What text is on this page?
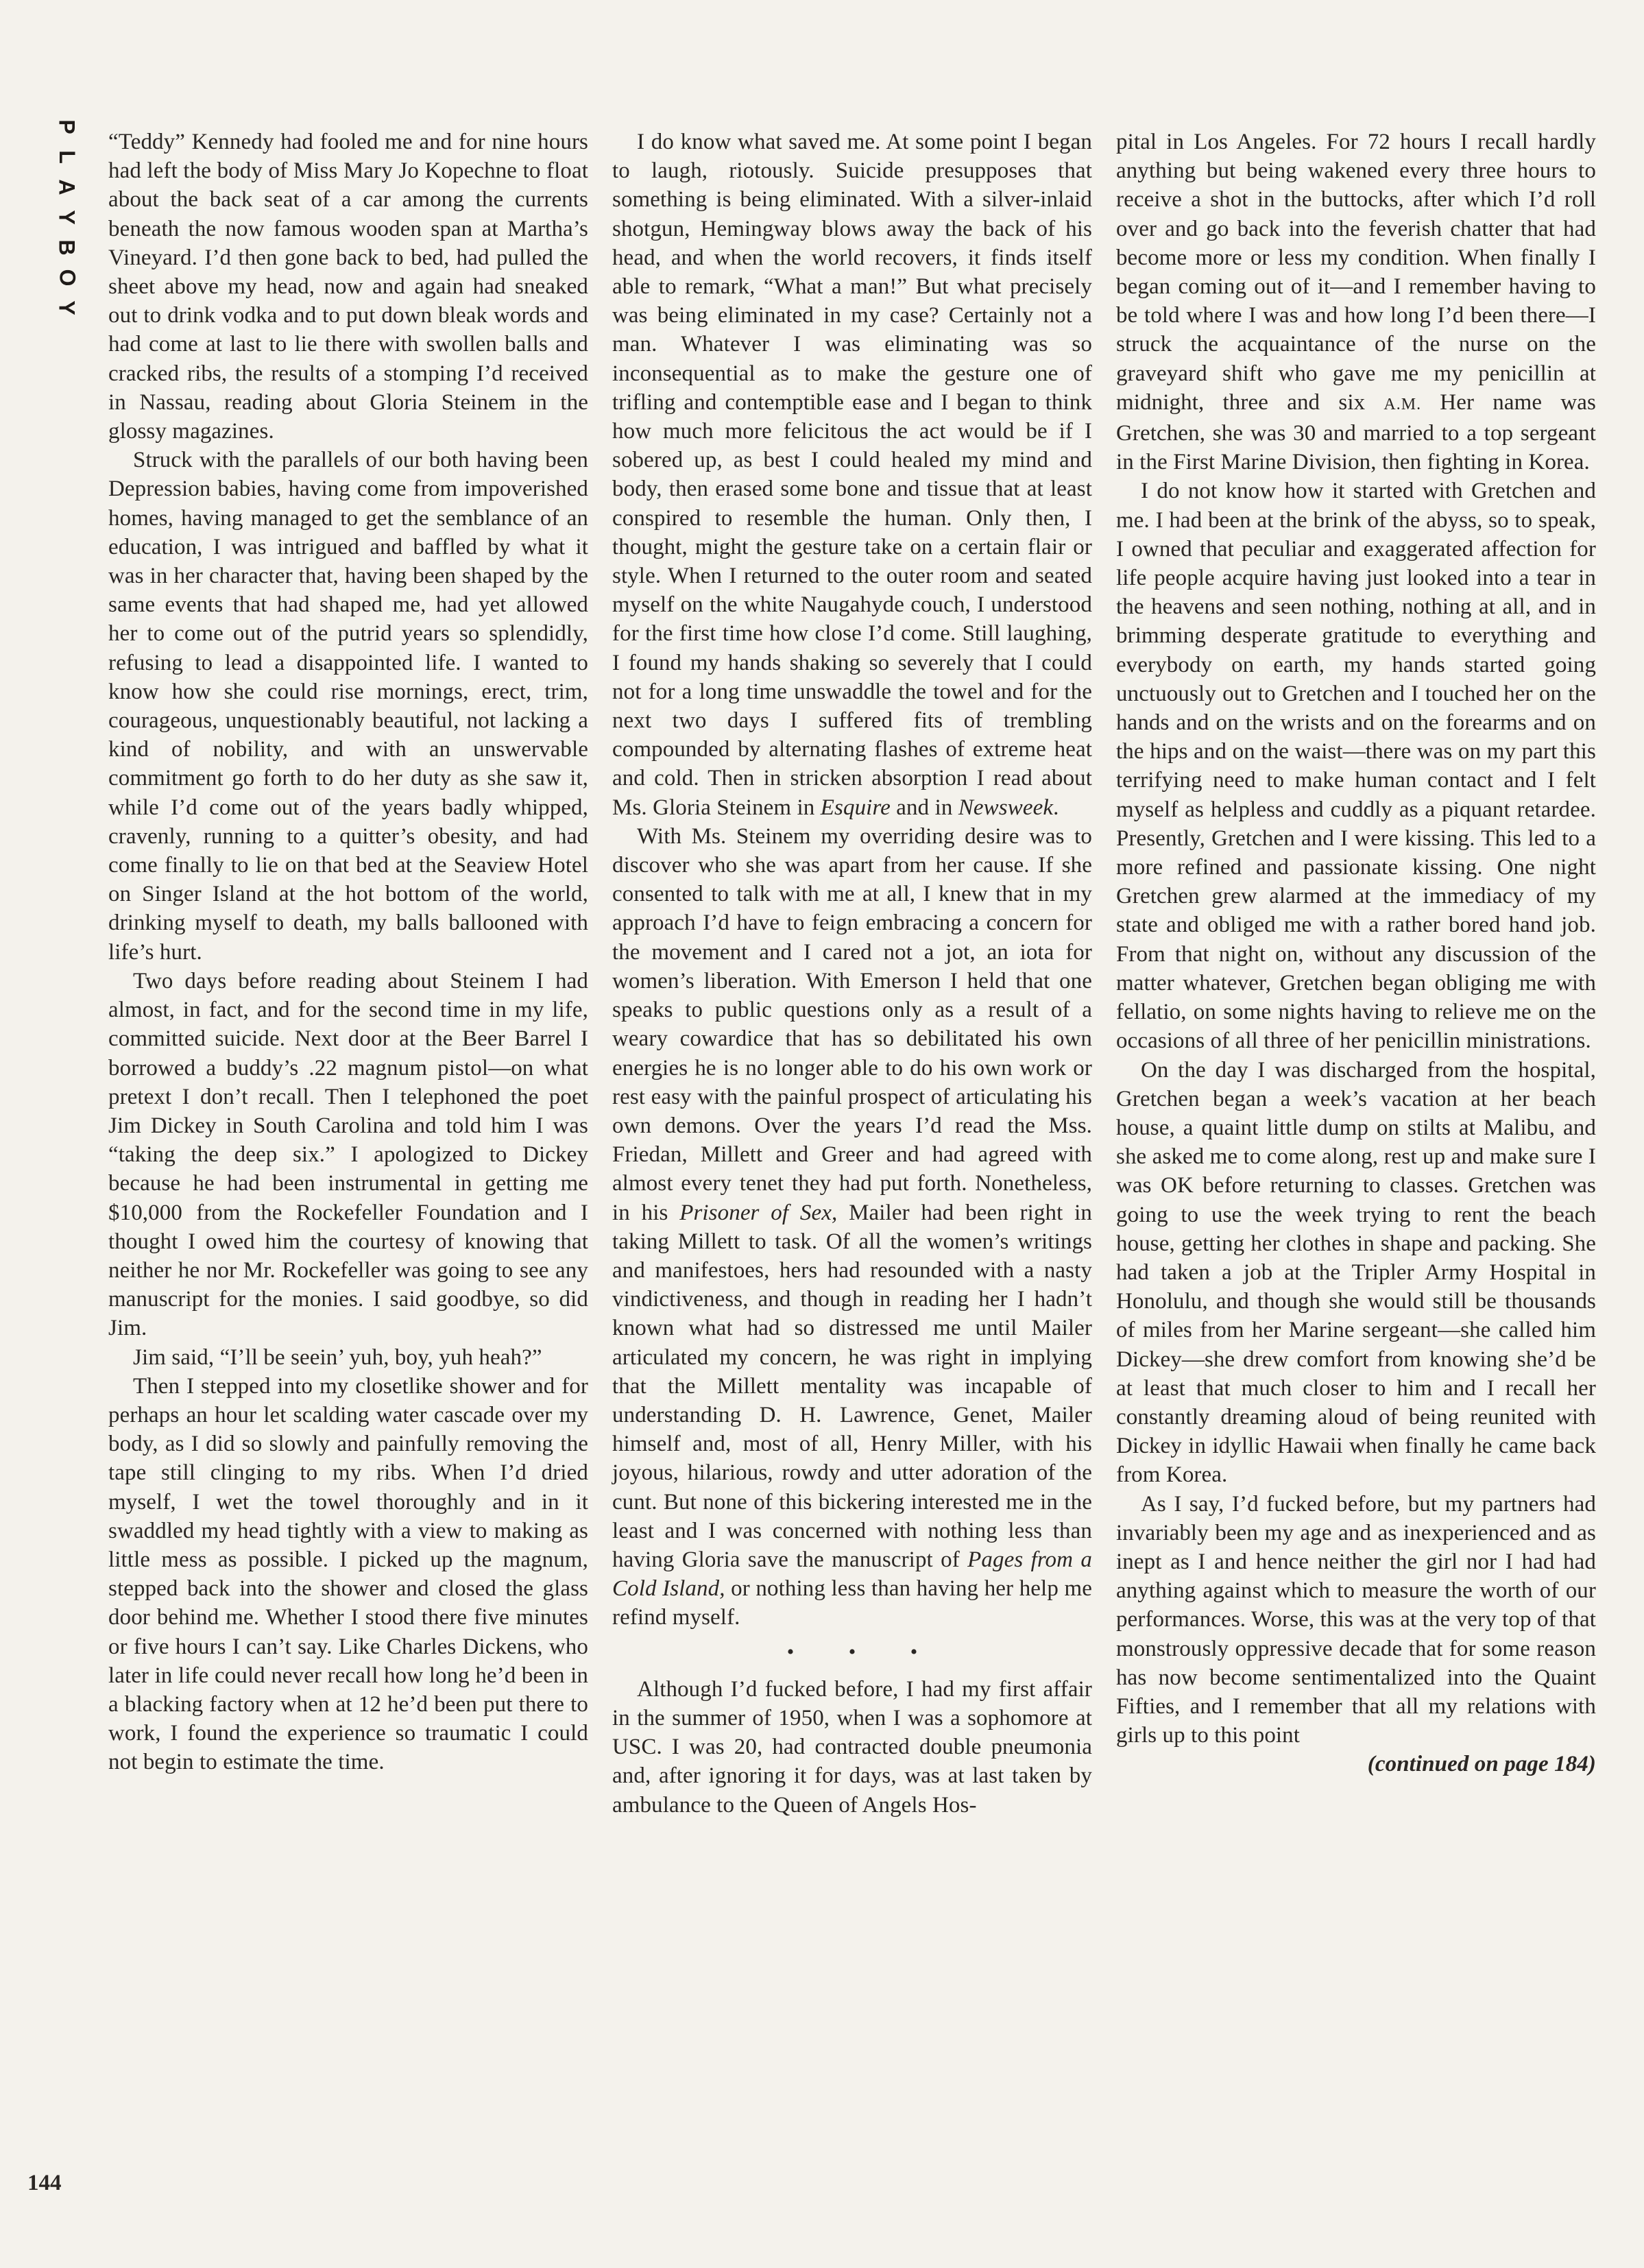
P
L
A
Y
B
O
Y

“Teddy” Kennedy had fooled me and for nine hours had left the body of Miss Mary Jo Kopechne to float about the back seat of a car among the currents beneath the now famous wooden span at Martha’s Vineyard. I’d then gone back to bed, had pulled the sheet above my head, now and again had sneaked out to drink vodka and to put down bleak words and had come at last to lie there with swollen balls and cracked ribs, the results of a stomping I’d received in Nassau, reading about Gloria Steinem in the glossy magazines.

Struck with the parallels of our both having been Depression babies, having come from impoverished homes, having managed to get the semblance of an education, I was intrigued and baffled by what it was in her character that, having been shaped by the same events that had shaped me, had yet allowed her to come out of the putrid years so splendidly, refusing to lead a disappointed life. I wanted to know how she could rise mornings, erect, trim, courageous, unquestionably beautiful, not lacking a kind of nobility, and with an unswervable commitment go forth to do her duty as she saw it, while I’d come out of the years badly whipped, cravenly, running to a quitter’s obesity, and had come finally to lie on that bed at the Seaview Hotel on Singer Island at the hot bottom of the world, drinking myself to death, my balls ballooned with life’s hurt.

Two days before reading about Steinem I had almost, in fact, and for the second time in my life, committed suicide. Next door at the Beer Barrel I borrowed a buddy’s .22 magnum pistol—on what pretext I don’t recall. Then I telephoned the poet Jim Dickey in South Carolina and told him I was “taking the deep six.” I apologized to Dickey because he had been instrumental in getting me $10,000 from the Rockefeller Foundation and I thought I owed him the courtesy of knowing that neither he nor Mr. Rockefeller was going to see any manuscript for the monies. I said goodbye, so did Jim.

Jim said, “I’ll be seein’ yuh, boy, yuh heah?”

Then I stepped into my closetlike shower and for perhaps an hour let scalding water cascade over my body, as I did so slowly and painfully removing the tape still clinging to my ribs. When I’d dried myself, I wet the towel thoroughly and in it swaddled my head tightly with a view to making as little mess as possible. I picked up the magnum, stepped back into the shower and closed the glass door behind me. Whether I stood there five minutes or five hours I can’t say. Like Charles Dickens, who later in life could never recall how long he’d been in a blacking factory when at 12 he’d been put there to work, I found the experience so traumatic I could not begin to estimate the time.

I do know what saved me. At some point I began to laugh, riotously. Suicide presupposes that something is being eliminated. With a silver-inlaid shotgun, Hemingway blows away the back of his head, and when the world recovers, it finds itself able to remark, “What a man!” But what precisely was being eliminated in my case? Certainly not a man. Whatever I was eliminating was so inconsequential as to make the gesture one of trifling and contemptible ease and I began to think how much more felicitous the act would be if I sobered up, as best I could healed my mind and body, then erased some bone and tissue that at least conspired to resemble the human. Only then, I thought, might the gesture take on a certain flair or style. When I returned to the outer room and seated myself on the white Naugahyde couch, I understood for the first time how close I’d come. Still laughing, I found my hands shaking so severely that I could not for a long time unswaddle the towel and for the next two days I suffered fits of trembling compounded by alternating flashes of extreme heat and cold. Then in stricken absorption I read about Ms. Gloria Steinem in Esquire and in Newsweek.

With Ms. Steinem my overriding desire was to discover who she was apart from her cause. If she consented to talk with me at all, I knew that in my approach I’d have to feign embracing a concern for the movement and I cared not a jot, an iota for women’s liberation. With Emerson I held that one speaks to public questions only as a result of a weary cowardice that has so debilitated his own energies he is no longer able to do his own work or rest easy with the painful prospect of articulating his own demons. Over the years I’d read the Mss. Friedan, Millett and Greer and had agreed with almost every tenet they had put forth. Nonetheless, in his Prisoner of Sex, Mailer had been right in taking Millett to task. Of all the women’s writings and manifestoes, hers had resounded with a nasty vindictiveness, and though in reading her I hadn’t known what had so distressed me until Mailer articulated my concern, he was right in implying that the Millett mentality was incapable of understanding D. H. Lawrence, Genet, Mailer himself and, most of all, Henry Miller, with his joyous, hilarious, rowdy and utter adoration of the cunt. But none of this bickering interested me in the least and I was concerned with nothing less than having Gloria save the manuscript of Pages from a Cold Island, or nothing less than having her help me refind myself.

• • •

Although I’d fucked before, I had my first affair in the summer of 1950, when I was a sophomore at USC. I was 20, had contracted double pneumonia and, after ignoring it for days, was at last taken by ambulance to the Queen of Angels Hos-

pital in Los Angeles. For 72 hours I recall hardly anything but being wakened every three hours to receive a shot in the buttocks, after which I’d roll over and go back into the feverish chatter that had become more or less my condition. When finally I began coming out of it—and I remember having to be told where I was and how long I’d been there—I struck the acquaintance of the nurse on the graveyard shift who gave me my penicillin at midnight, three and six A.M. Her name was Gretchen, she was 30 and married to a top sergeant in the First Marine Division, then fighting in Korea.

I do not know how it started with Gretchen and me. I had been at the brink of the abyss, so to speak, I owned that peculiar and exaggerated affection for life people acquire having just looked into a tear in the heavens and seen nothing, nothing at all, and in brimming desperate gratitude to everything and everybody on earth, my hands started going unctuously out to Gretchen and I touched her on the hands and on the wrists and on the forearms and on the hips and on the waist—there was on my part this terrifying need to make human contact and I felt myself as helpless and cuddly as a piquant retardee. Presently, Gretchen and I were kissing. This led to a more refined and passionate kissing. One night Gretchen grew alarmed at the immediacy of my state and obliged me with a rather bored hand job. From that night on, without any discussion of the matter whatever, Gretchen began obliging me with fellatio, on some nights having to relieve me on the occasions of all three of her penicillin ministrations.

On the day I was discharged from the hospital, Gretchen began a week’s vacation at her beach house, a quaint little dump on stilts at Malibu, and she asked me to come along, rest up and make sure I was OK before returning to classes. Gretchen was going to use the week trying to rent the beach house, getting her clothes in shape and packing. She had taken a job at the Tripler Army Hospital in Honolulu, and though she would still be thousands of miles from her Marine sergeant—she called him Dickey—she drew comfort from knowing she’d be at least that much closer to him and I recall her constantly dreaming aloud of being reunited with Dickey in idyllic Hawaii when finally he came back from Korea.

As I say, I’d fucked before, but my partners had invariably been my age and as inexperienced and as inept as I and hence neither the girl nor I had had anything against which to measure the worth of our performances. Worse, this was at the very top of that monstrously oppressive decade that for some reason has now become sentimentalized into the Quaint Fifties, and I remember that all my relations with girls up to this point

(continued on page 184)

144
